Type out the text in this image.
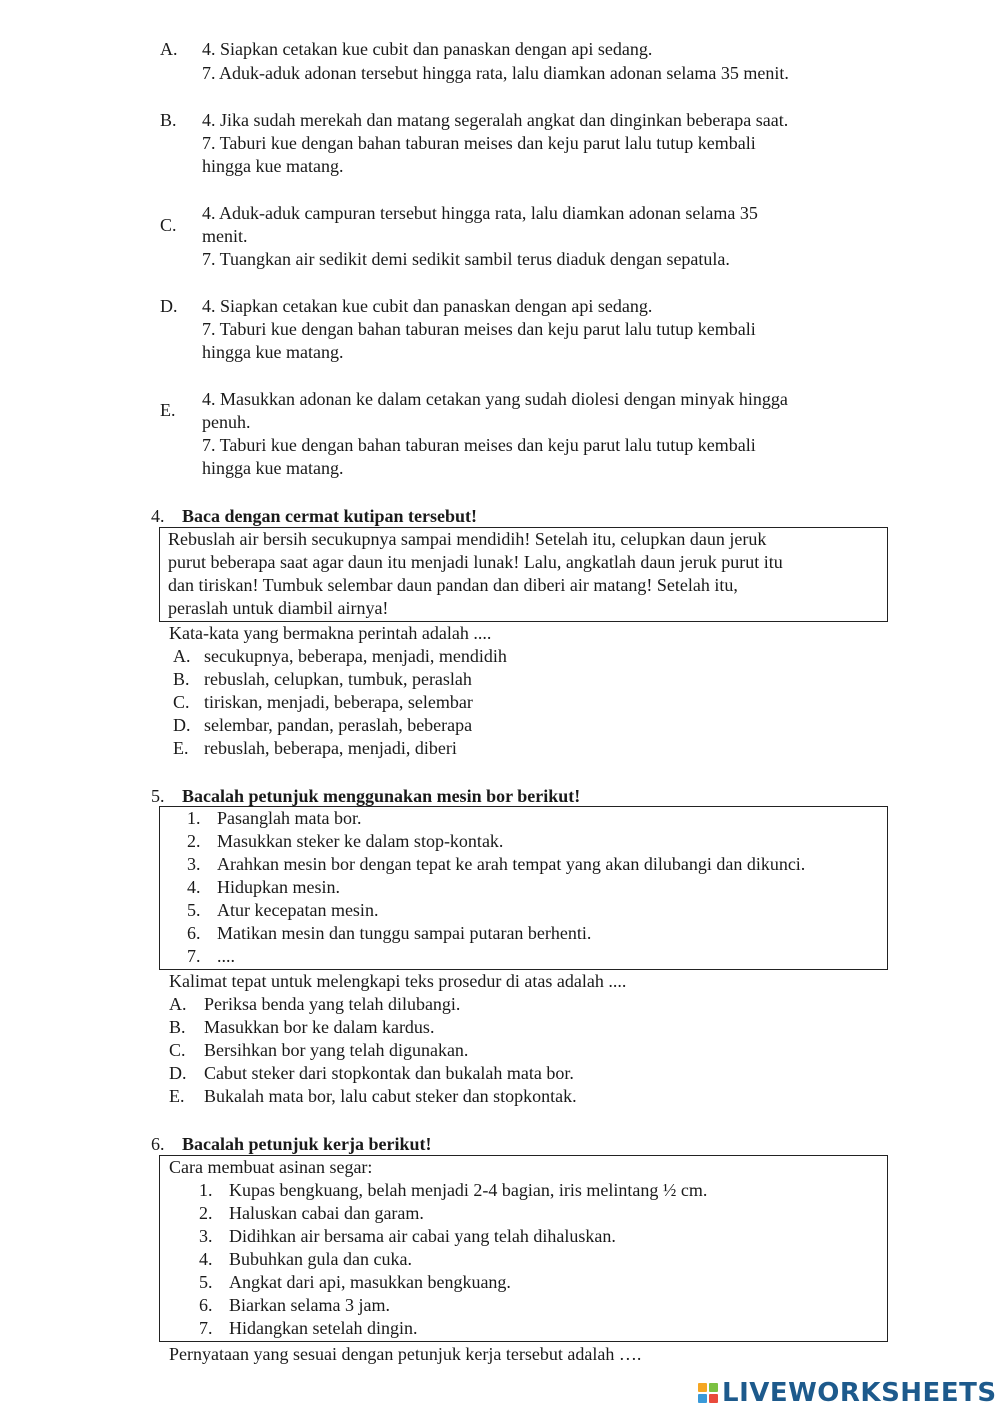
A. 4. Siapkan cetakan kue cubit dan panaskan dengan api sedang.
7. Aduk-aduk adonan tersebut hingga rata, lalu diamkan adonan selama 35 menit.
B. 4. Jika sudah merekah dan matang segeralah angkat dan dinginkan beberapa saat.
7. Taburi kue dengan bahan taburan meises dan keju parut lalu tutup kembali
hingga kue matang.
C.
4. Aduk-aduk campuran tersebut hingga rata, lalu diamkan adonan selama 35
menit.
7. Tuangkan air sedikit demi sedikit sambil terus diaduk dengan sepatula.
D. 4. Siapkan cetakan kue cubit dan panaskan dengan api sedang.
7. Taburi kue dengan bahan taburan meises dan keju parut lalu tutup kembali
hingga kue matang.
E.
4. Masukkan adonan ke dalam cetakan yang sudah diolesi dengan minyak hingga
penuh.
7. Taburi kue dengan bahan taburan meises dan keju parut lalu tutup kembali
hingga kue matang.
4. Baca dengan cermat kutipan tersebut!
Rebuslah air bersih secukupnya sampai mendidih! Setelah itu, celupkan daun jeruk
purut beberapa saat agar daun itu menjadi lunak! Lalu, angkatlah daun jeruk purut itu
dan tiriskan! Tumbuk selembar daun pandan dan diberi air matang! Setelah itu,
peraslah untuk diambil airnya!
Kata-kata yang bermakna perintah adalah ....
A. secukupnya, beberapa, menjadi, mendidih
B. rebuslah, celupkan, tumbuk, peraslah
C. tiriskan, menjadi, beberapa, selembar
D. selembar, pandan, peraslah, beberapa
E. rebuslah, beberapa, menjadi, diberi
5. Bacalah petunjuk menggunakan mesin bor berikut!
1. Pasanglah mata bor.
2. Masukkan steker ke dalam stop-kontak.
3. Arahkan mesin bor dengan tepat ke arah tempat yang akan dilubangi dan dikunci.
4. Hidupkan mesin.
5. Atur kecepatan mesin.
6. Matikan mesin dan tunggu sampai putaran berhenti.
7. ....
Kalimat tepat untuk melengkapi teks prosedur di atas adalah ....
A. Periksa benda yang telah dilubangi.
B. Masukkan bor ke dalam kardus.
C. Bersihkan bor yang telah digunakan.
D. Cabut steker dari stopkontak dan bukalah mata bor.
E. Bukalah mata bor, lalu cabut steker dan stopkontak.
6. Bacalah petunjuk kerja berikut!
Cara membuat asinan segar:
1. Kupas bengkuang, belah menjadi 2-4 bagian, iris melintang ½ cm.
2. Haluskan cabai dan garam.
3. Didihkan air bersama air cabai yang telah dihaluskan.
4. Bubuhkan gula dan cuka.
5. Angkat dari api, masukkan bengkuang.
6. Biarkan selama 3 jam.
7. Hidangkan setelah dingin.
Pernyataan yang sesuai dengan petunjuk kerja tersebut adalah ….
LIVEWORKSHEETS
